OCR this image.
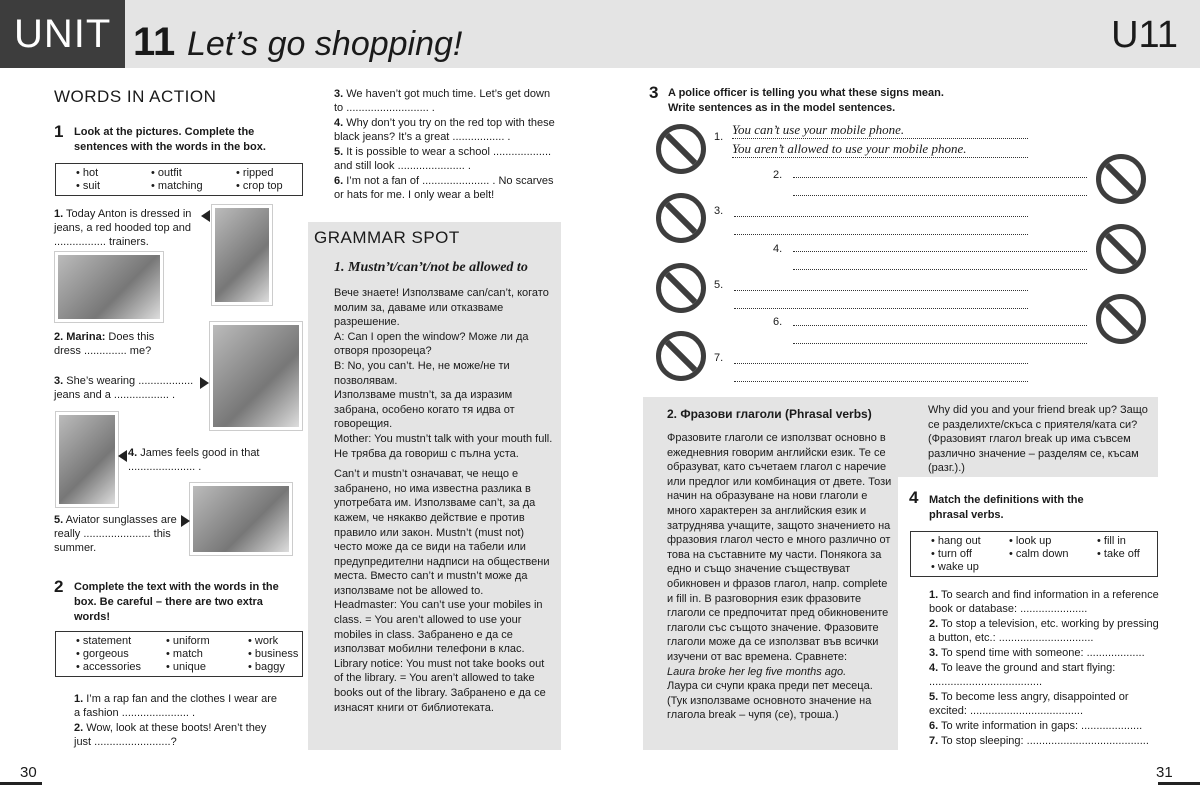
UNIT 11 Let’s go shopping!	U11
WORDS IN ACTION
1 Look at the pictures. Complete the sentences with the words in the box.
• hot	• outfit	• ripped
• suit	• matching	• crop top
1. Today Anton is dressed in jeans, a red hooded top and ................. trainers.
2. Marina: Does this dress .............. me?
3. She’s wearing .................. jeans and a .................. .
4. James feels good in that ...................... .
5. Aviator sunglasses are really ...................... this summer.
2 Complete the text with the words in the box. Be careful – there are two extra words!
• statement	• uniform	• work
• gorgeous	• match	• business
• accessories	• unique	• baggy
1. I’m a rap fan and the clothes I wear are a fashion ...................... .
2. Wow, look at these boots! Aren’t they just .........................?
3. We haven’t got much time. Let’s get down to ........................... .
4. Why don’t you try on the red top with these black jeans? It’s a great ................. .
5. It is possible to wear a school ................... and still look ...................... .
6. I’m not a fan of ...................... . No scarves or hats for me. I only wear a belt!
GRAMMAR SPOT
1. Mustn’t/can’t/not be allowed to

Вече знаете! Използваме can/can’t, когато молим за, даваме или отказваме разрешение.

A: Can I open the window? Може ли да отворя прозореца?

B: No, you can’t. Не, не може/не ти позволявам.

Използваме mustn’t, за да изразим забрана, особено когато тя идва от говорещия.

Mother: You mustn’t talk with your mouth full. Не трябва да говориш с пълна уста.

Can’t и mustn’t означават, че нещо е забранено, но има известна разлика в употребата им. Използваме can’t, за да кажем, че някакво действие е против правило или закон. Mustn’t (must not) често може да се види на табели или предупредителни надписи на обществени места. Вместо can’t и mustn’t може да използваме not be allowed to.

Headmaster: You can’t use your mobiles in class. = You aren’t allowed to use your mobiles in class. Забранено е да се използват мобилни телефони в клас.

Library notice: You must not take books out of the library. = You aren’t allowed to take books out of the library. Забранено е да се изнасят книги от библиотеката.

30
3 A police officer is telling you what these signs mean. Write sentences as in the model sentences.
1. You can’t use your mobile phone.
You aren’t allowed to use your mobile phone.
2.
3.
4.
5.
6.
7.
2. Фразови глаголи (Phrasal verbs)

Фразовите глаголи се използват основно в ежедневния говорим английски език. Те се образуват, като съчетаем глагол с наречие или предлог или комбинация от двете. Този начин на образуване на нови глаголи е много характерен за английския език и затруднява учащите, защото значението на фразовия глагол често е много различно от това на съставните му части. Понякога за едно и също значение съществуват обикновен и фразов глагол, напр. complete и fill in. В разговорния език фразовите глаголи се предпочитат пред обикновените глаголи със същото значение. Фразовите глаголи може да се използват във всички изучени от вас времена. Сравнете:

Laura broke her leg five months ago.

Лаура си счупи крака преди пет месеца. (Тук използваме основното значение на глагола break – чупя (се), троша.)

Why did you and your friend break up? Защо се разделихте/скъса с приятеля/ката си? (Фразовият глагол break up има съвсем различно значение – разделям се, късам (разг.).)

4 Match the definitions with the phrasal verbs.
• hang out	• look up	• fill in
• turn off	• calm down	• take off
• wake up
1. To search and find information in a reference book or database: ......................
2. To stop a television, etc. working by pressing a button, etc.: ...............................
3. To spend time with someone: ...................
4. To leave the ground and start flying: .....................................
5. To become less angry, disappointed or excited: .....................................
6. To write information in gaps: ....................
7. To stop sleeping: ........................................
31
